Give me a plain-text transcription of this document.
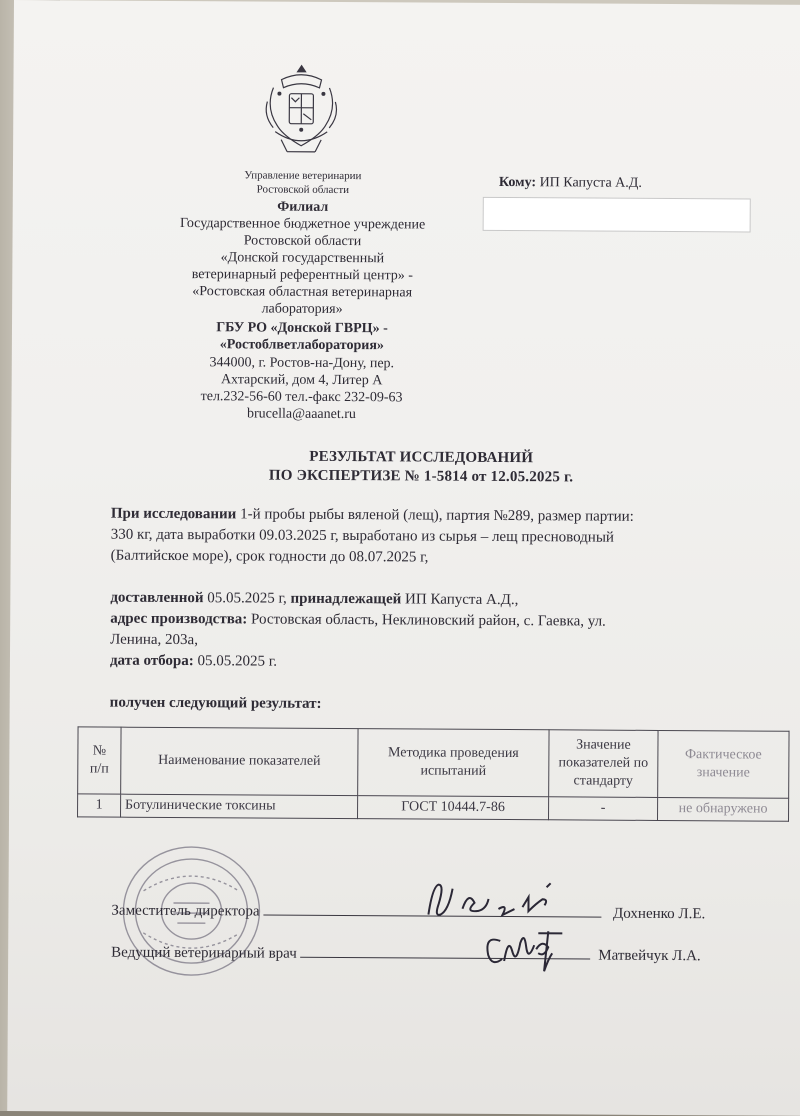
Управление ветеринарии
Ростовской области
Филиал
Государственное бюджетное учреждение
Ростовской области
«Донской государственный
ветеринарный референтный центр» -
«Ростовская областная ветеринарная
лаборатория»
ГБУ РО «Донской ГВРЦ» -
«Ростоблветлаборатория»
344000, г. Ростов-на-Дону, пер.
Ахтарский, дом 4, Литер А
тел.232-56-60 тел.-факс 232-09-63
brucella@aaanet.ru
Кому: ИП Капуста А.Д.
РЕЗУЛЬТАТ ИССЛЕДОВАНИЙ
ПО ЭКСПЕРТИЗЕ № 1-5814 от 12.05.2025 г.
При исследовании 1-й пробы рыбы вяленой (лещ), партия №289, размер партии:
330 кг, дата выработки 09.03.2025 г, выработано из сырья – лещ пресноводный
(Балтийское море), срок годности до 08.07.2025 г,
доставленной 05.05.2025 г, принадлежащей ИП Капуста А.Д.,
адрес производства: Ростовская область, Неклиновский район, с. Гаевка, ул.
Ленина, 203а,
дата отбора: 05.05.2025 г.
получен следующий результат:
№
п/п	Наименование показателей	Методика проведения испытаний	Значение показателей по стандарту	Фактическое значение
1	Ботулинические токсины	ГОСТ 10444.7-86	-	не обнаружено
Заместитель директора	Дохненко Л.Е.
Ведущий ветеринарный врач	Матвейчук Л.А.
